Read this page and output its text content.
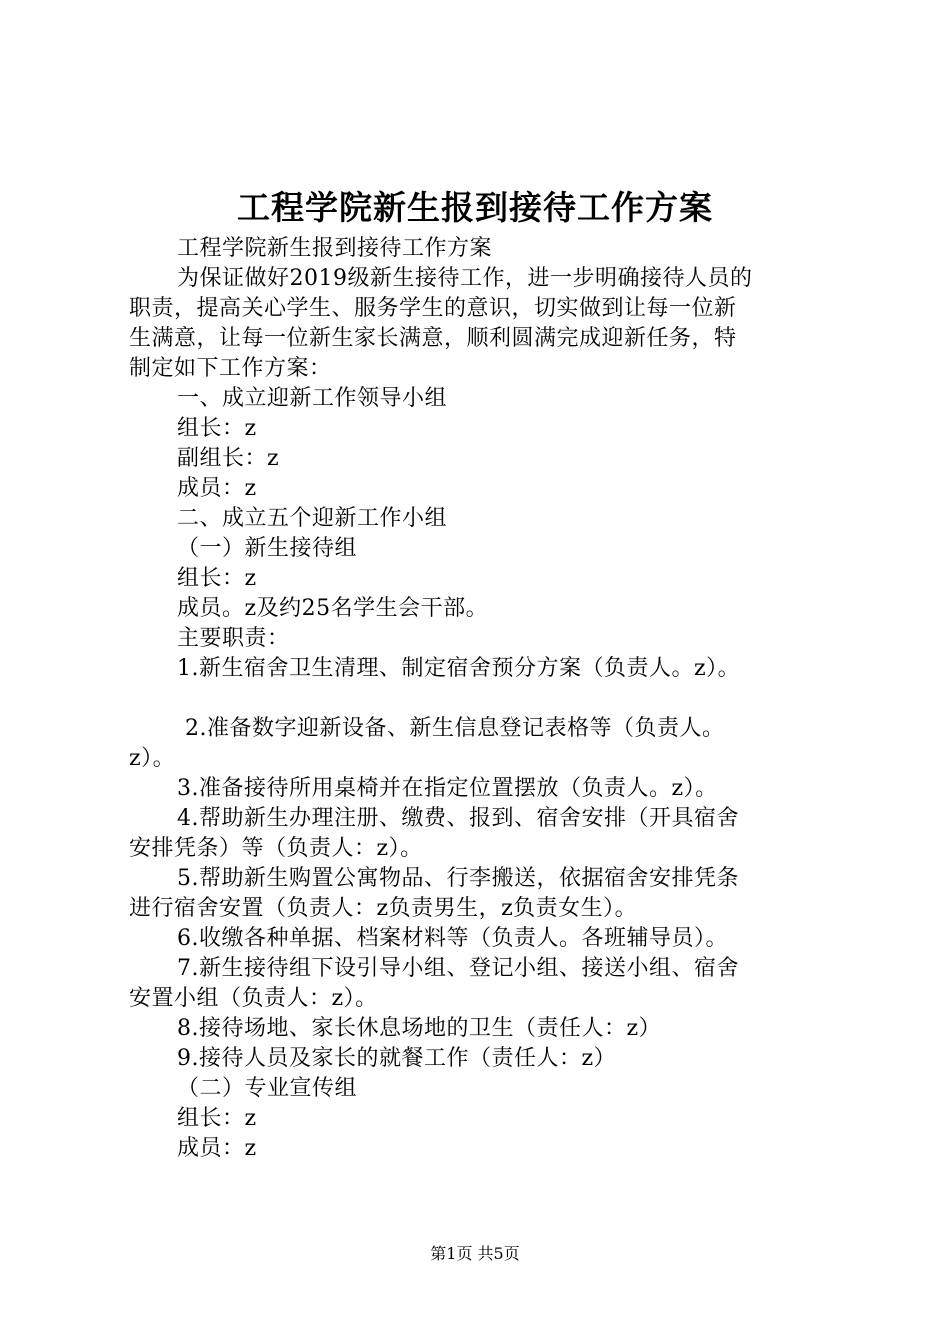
工程学院新生报到接待工作方案

工程学院新生报到接待工作方案

为保证做好2019级新生接待工作，进一步明确接待人员的

职责，提高关心学生、服务学生的意识，切实做到让每一位新

生满意，让每一位新生家长满意，顺利圆满完成迎新任务，特

制定如下工作方案：

一、成立迎新工作领导小组

组长：z

副组长：z

成员：z

二、成立五个迎新工作小组

（一）新生接待组

组长：z

成员。z及约25名学生会干部。

主要职责：

1.新生宿舍卫生清理、制定宿舍预分方案（负责人。z）。

2.准备数字迎新设备、新生信息登记表格等（负责人。

z）。

3.准备接待所用桌椅并在指定位置摆放（负责人。z）。

4.帮助新生办理注册、缴费、报到、宿舍安排（开具宿舍

安排凭条）等（负责人：z）。

5.帮助新生购置公寓物品、行李搬送，依据宿舍安排凭条

进行宿舍安置（负责人：z负责男生，z负责女生）。

6.收缴各种单据、档案材料等（负责人。各班辅导员）。

7.新生接待组下设引导小组、登记小组、接送小组、宿舍

安置小组（负责人：z）。

8.接待场地、家长休息场地的卫生（责任人：z）

9.接待人员及家长的就餐工作（责任人：z）

（二）专业宣传组

组长：z

成员：z

第1页 共5页
